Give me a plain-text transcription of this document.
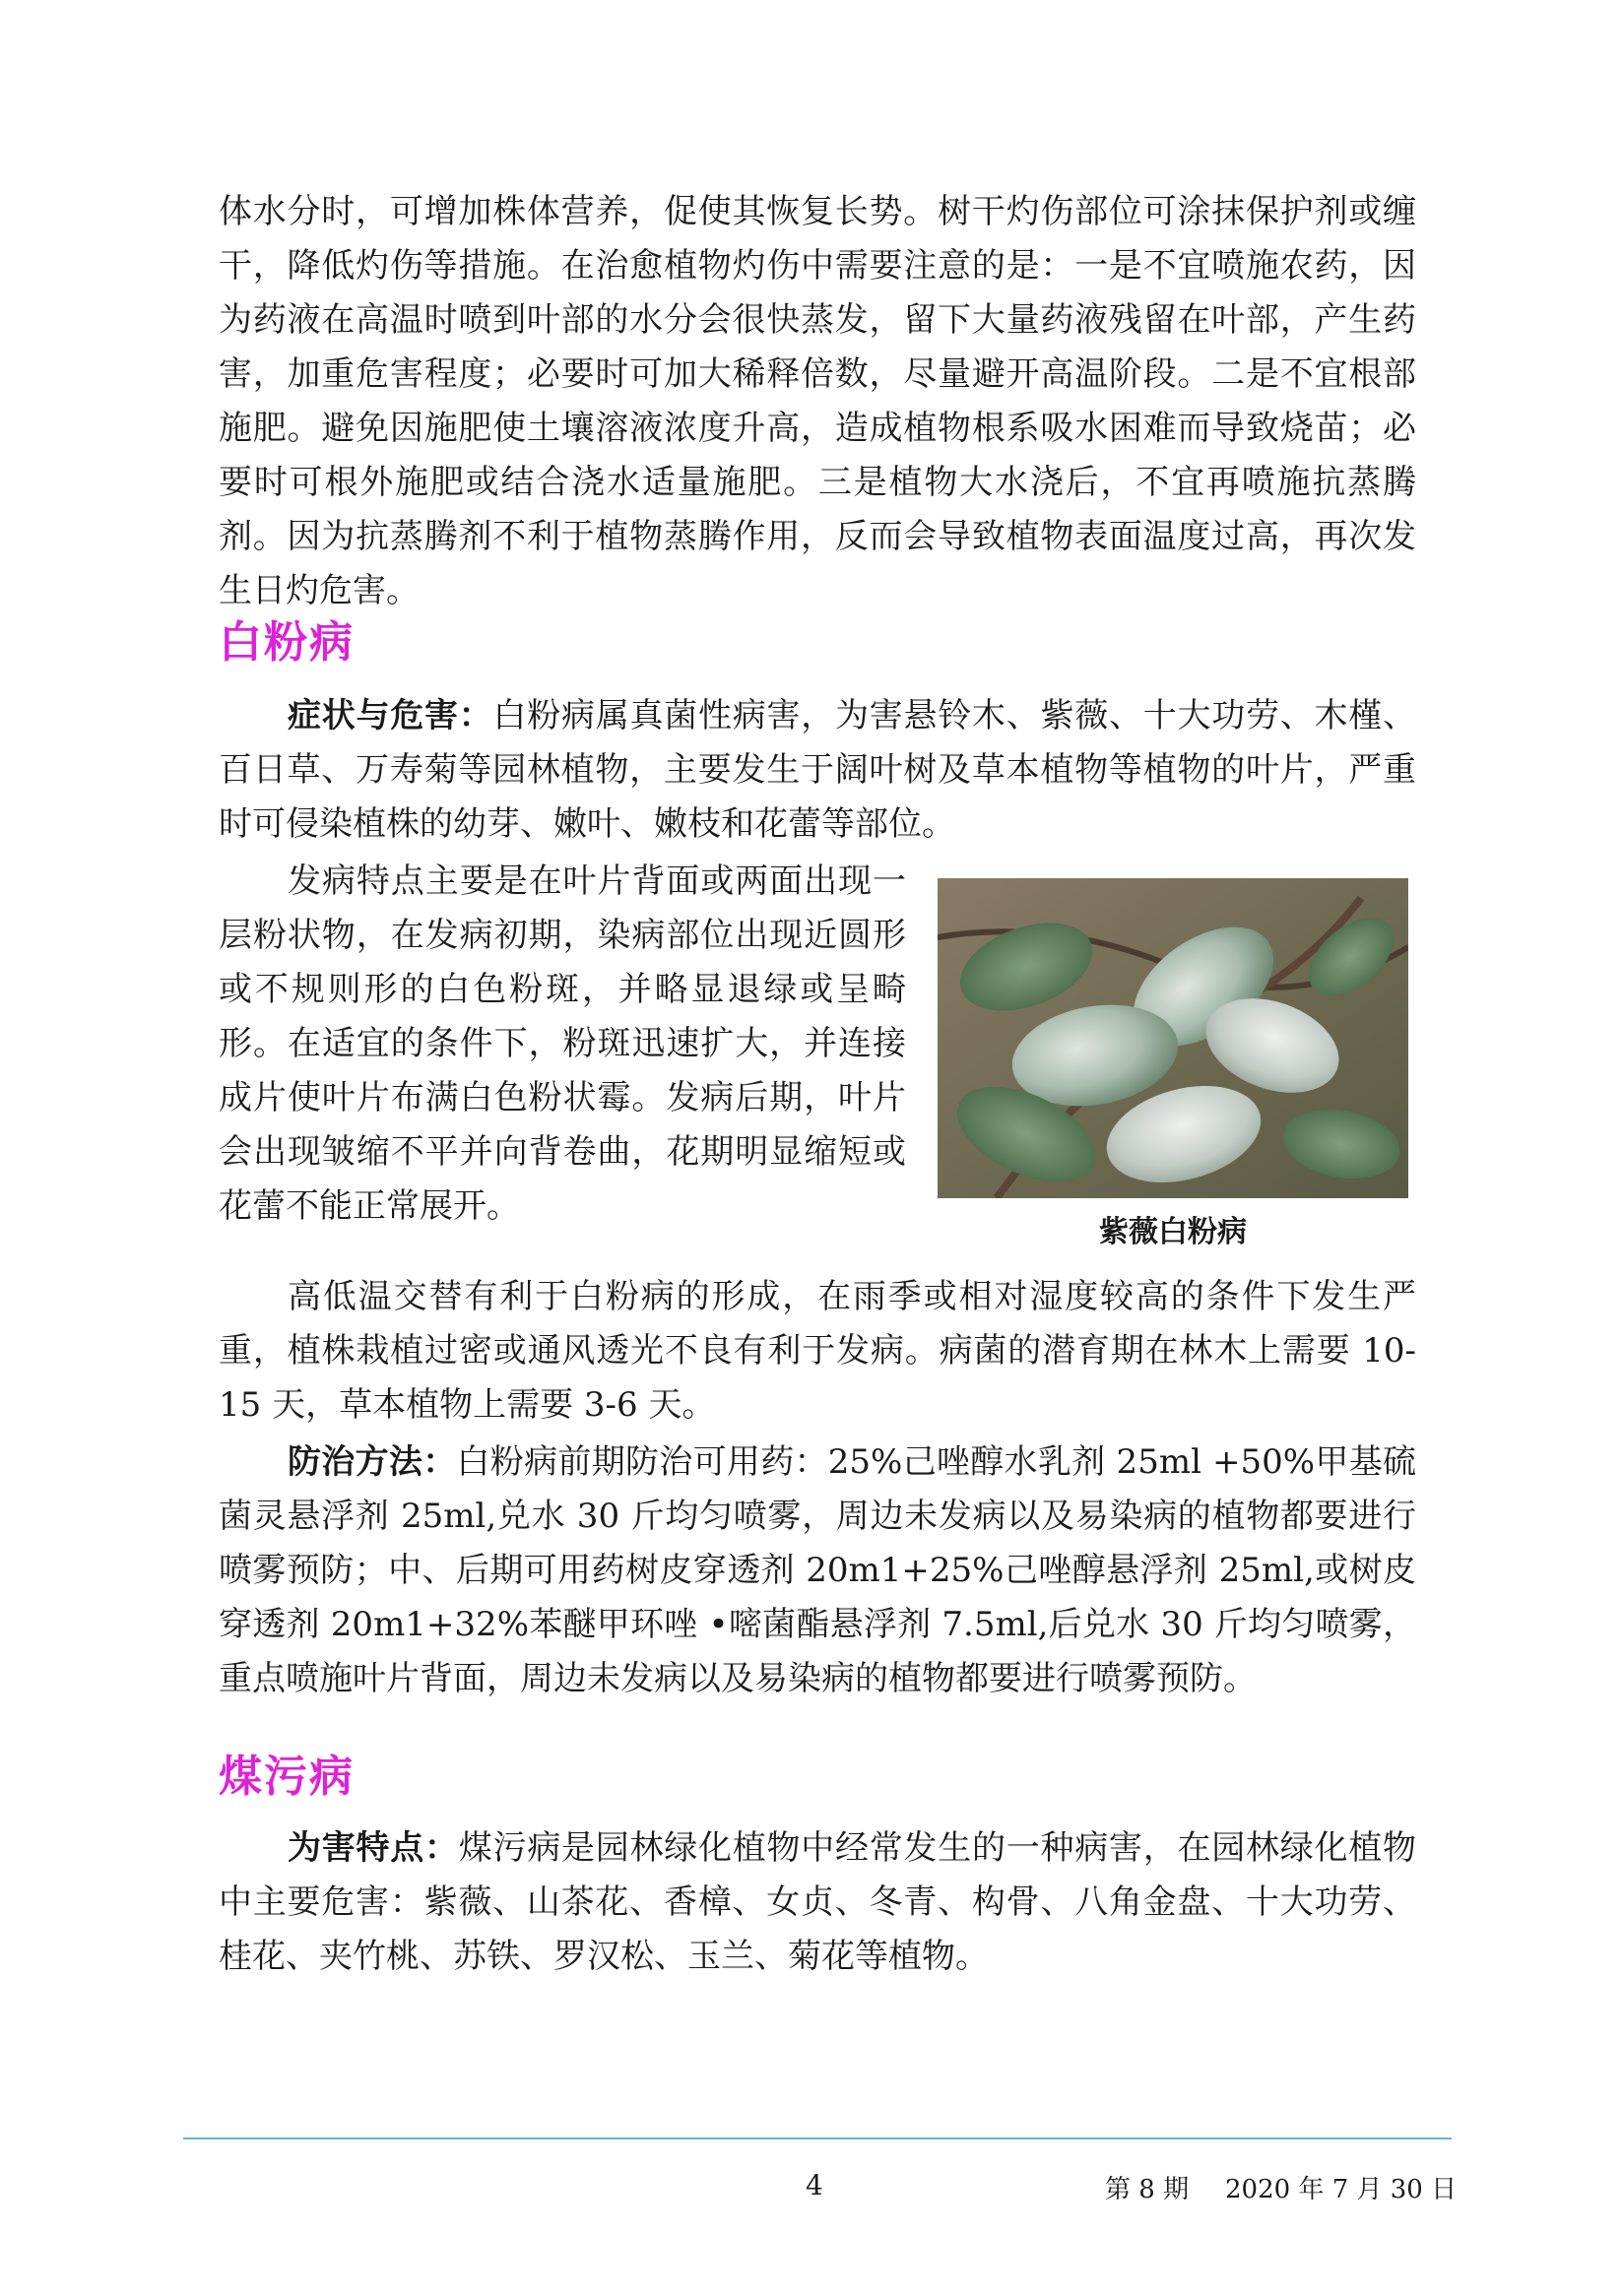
体水分时，可增加株体营养，促使其恢复长势。树干灼伤部位可涂抹保护剂或缠干，降低灼伤等措施。在治愈植物灼伤中需要注意的是：一是不宜喷施农药，因为药液在高温时喷到叶部的水分会很快蒸发，留下大量药液残留在叶部，产生药害，加重危害程度；必要时可加大稀释倍数，尽量避开高温阶段。二是不宜根部施肥。避免因施肥使土壤溶液浓度升高，造成植物根系吸水困难而导致烧苗；必要时可根外施肥或结合浇水适量施肥。三是植物大水浇后，不宜再喷施抗蒸腾剂。因为抗蒸腾剂不利于植物蒸腾作用，反而会导致植物表面温度过高，再次发生日灼危害。

白粉病

症状与危害：白粉病属真菌性病害，为害悬铃木、紫薇、十大功劳、木槿、百日草、万寿菊等园林植物，主要发生于阔叶树及草本植物等植物的叶片，严重时可侵染植株的幼芽、嫩叶、嫩枝和花蕾等部位。

发病特点主要是在叶片背面或两面出现一层粉状物，在发病初期，染病部位出现近圆形或不规则形的白色粉斑，并略显退绿或呈畸形。在适宜的条件下，粉斑迅速扩大，并连接成片使叶片布满白色粉状霉。发病后期，叶片会出现皱缩不平并向背卷曲，花期明显缩短或花蕾不能正常展开。

紫薇白粉病

高低温交替有利于白粉病的形成，在雨季或相对湿度较高的条件下发生严重，植株栽植过密或通风透光不良有利于发病。病菌的潜育期在林木上需要 10-15 天，草本植物上需要 3-6 天。

防治方法：白粉病前期防治可用药：25%己唑醇水乳剂 25ml +50%甲基硫菌灵悬浮剂 25ml,兑水 30 斤均匀喷雾，周边未发病以及易染病的植物都要进行喷雾预防；中、后期可用药树皮穿透剂 20m1+25%己唑醇悬浮剂 25ml,或树皮穿透剂 20m1+32%苯醚甲环唑 •嘧菌酯悬浮剂 7.5ml,后兑水 30 斤均匀喷雾，重点喷施叶片背面，周边未发病以及易染病的植物都要进行喷雾预防。

煤污病

为害特点：煤污病是园林绿化植物中经常发生的一种病害，在园林绿化植物中主要危害：紫薇、山茶花、香樟、女贞、冬青、构骨、八角金盘、十大功劳、桂花、夹竹桃、苏铁、罗汉松、玉兰、菊花等植物。

4	第 8 期 2020 年 7 月 30 日
